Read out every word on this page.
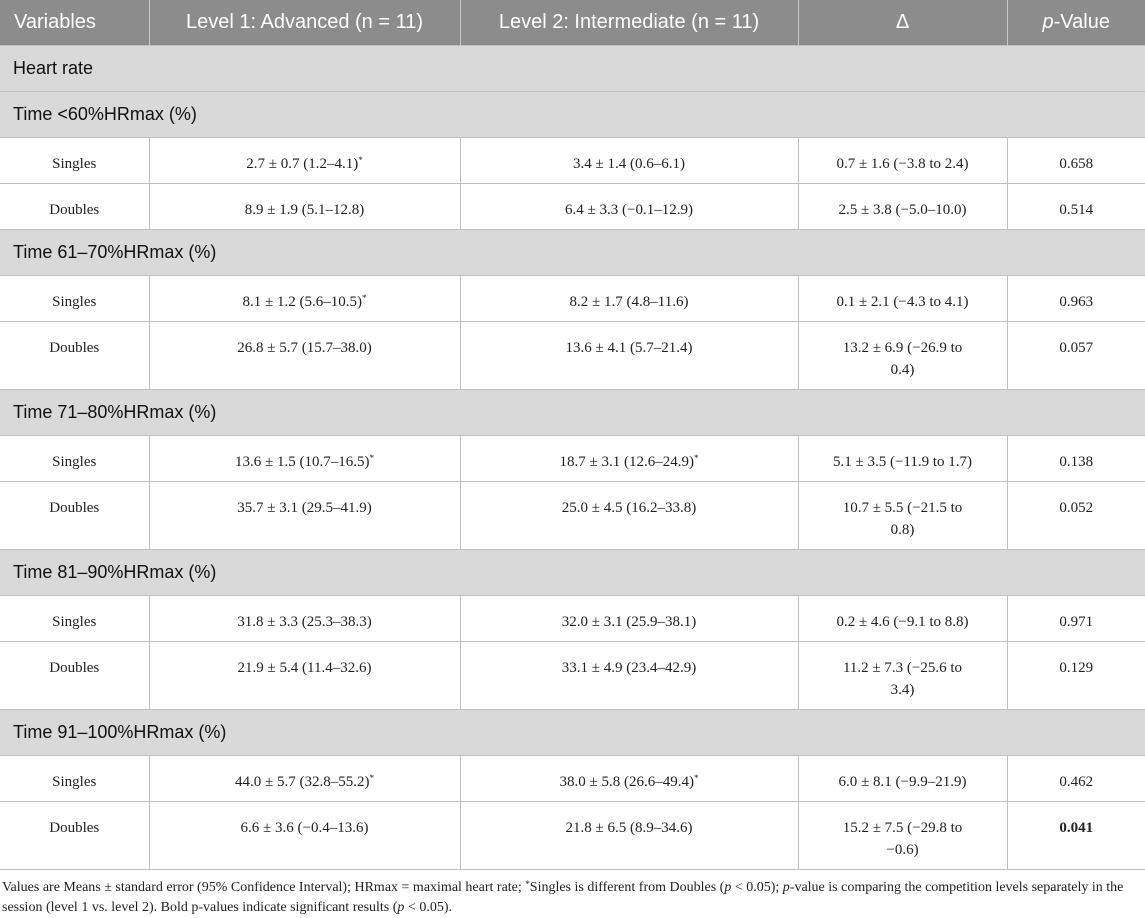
Variables	Level 1: Advanced (n = 11)	Level 2: Intermediate (n = 11)	Δ	p-Value
Heart rate				
Time <60%HRmax (%)				
Singles	2.7 ± 0.7 (1.2–4.1)*	3.4 ± 1.4 (0.6–6.1)	0.7 ± 1.6 (−3.8 to 2.4)	0.658
Doubles	8.9 ± 1.9 (5.1–12.8)	6.4 ± 3.3 (−0.1–12.9)	2.5 ± 3.8 (−5.0–10.0)	0.514
Time 61–70%HRmax (%)				
Singles	8.1 ± 1.2 (5.6–10.5)*	8.2 ± 1.7 (4.8–11.6)	0.1 ± 2.1 (−4.3 to 4.1)	0.963
Doubles	26.8 ± 5.7 (15.7–38.0)	13.6 ± 4.1 (5.7–21.4)	13.2 ± 6.9 (−26.9 to 0.4)	0.057
Time 71–80%HRmax (%)				
Singles	13.6 ± 1.5 (10.7–16.5)*	18.7 ± 3.1 (12.6–24.9)*	5.1 ± 3.5 (−11.9 to 1.7)	0.138
Doubles	35.7 ± 3.1 (29.5–41.9)	25.0 ± 4.5 (16.2–33.8)	10.7 ± 5.5 (−21.5 to 0.8)	0.052
Time 81–90%HRmax (%)				
Singles	31.8 ± 3.3 (25.3–38.3)	32.0 ± 3.1 (25.9–38.1)	0.2 ± 4.6 (−9.1 to 8.8)	0.971
Doubles	21.9 ± 5.4 (11.4–32.6)	33.1 ± 4.9 (23.4–42.9)	11.2 ± 7.3 (−25.6 to 3.4)	0.129
Time 91–100%HRmax (%)				
Singles	44.0 ± 5.7 (32.8–55.2)*	38.0 ± 5.8 (26.6–49.4)*	6.0 ± 8.1 (−9.9–21.9)	0.462
Doubles	6.6 ± 3.6 (−0.4–13.6)	21.8 ± 6.5 (8.9–34.6)	15.2 ± 7.5 (−29.8 to −0.6)	0.041
Values are Means ± standard error (95% Confidence Interval); HRmax = maximal heart rate; *Singles is different from Doubles (p < 0.05); p-value is comparing the competition levels separately in the session (level 1 vs. level 2). Bold p-values indicate significant results (p < 0.05).
